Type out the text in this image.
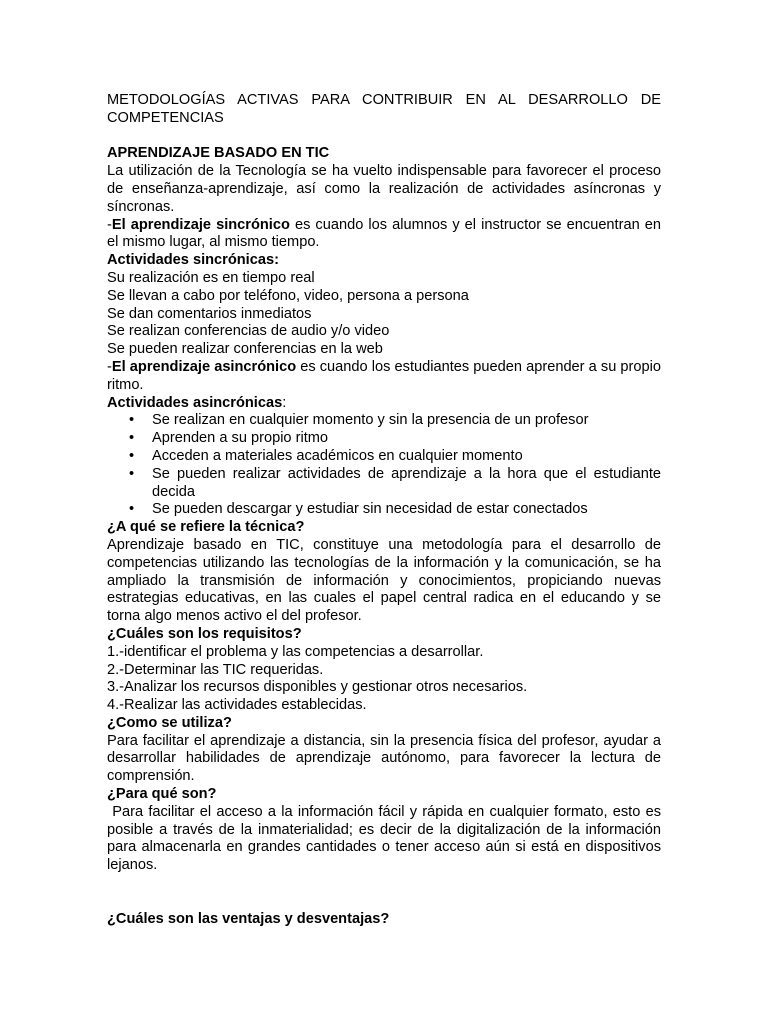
METODOLOGÍAS ACTIVAS PARA CONTRIBUIR EN AL DESARROLLO DE COMPETENCIAS

APRENDIZAJE BASADO EN TIC

La utilización de la Tecnología se ha vuelto indispensable para favorecer el proceso de enseñanza-aprendizaje, así como la realización de actividades asíncronas y síncronas.

-El aprendizaje sincrónico es cuando los alumnos y el instructor se encuentran en el mismo lugar, al mismo tiempo.

Actividades sincrónicas:

Su realización es en tiempo real

Se llevan a cabo por teléfono, video, persona a persona

Se dan comentarios inmediatos

Se realizan conferencias de audio y/o video

Se pueden realizar conferencias en la web

-El aprendizaje asincrónico es cuando los estudiantes pueden aprender a su propio ritmo.

Actividades asincrónicas:

• Se realizan en cualquier momento y sin la presencia de un profesor
• Aprenden a su propio ritmo
• Acceden a materiales académicos en cualquier momento
• Se pueden realizar actividades de aprendizaje a la hora que el estudiante decida
• Se pueden descargar y estudiar sin necesidad de estar conectados

¿A qué se refiere la técnica?

Aprendizaje basado en TIC, constituye una metodología para el desarrollo de competencias utilizando las tecnologías de la información y la comunicación, se ha ampliado la transmisión de información y conocimientos, propiciando nuevas estrategias educativas, en las cuales el papel central radica en el educando y se torna algo menos activo el del profesor.

¿Cuáles son los requisitos?

1.-identificar el problema y las competencias a desarrollar.

2.-Determinar las TIC requeridas.

3.-Analizar los recursos disponibles y gestionar otros necesarios.

4.-Realizar las actividades establecidas.

¿Como se utiliza?

Para facilitar el aprendizaje a distancia, sin la presencia física del profesor, ayudar a desarrollar habilidades de aprendizaje autónomo, para favorecer la lectura de comprensión.

¿Para qué son?

Para facilitar el acceso a la información fácil y rápida en cualquier formato, esto es posible a través de la inmaterialidad; es decir de la digitalización de la información para almacenarla en grandes cantidades o tener acceso aún si está en dispositivos lejanos.

¿Cuáles son las ventajas y desventajas?
